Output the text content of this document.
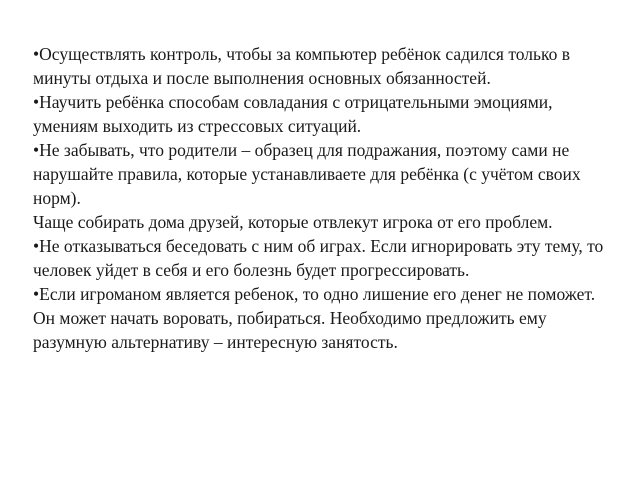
•Осуществлять контроль, чтобы за компьютер ребёнок садился только в минуты отдыха и после выполнения основных обязанностей.

•Научить ребёнка способам совладания с отрицательными эмоциями, умениям выходить из стрессовых ситуаций.

•Не забывать, что родители – образец для подражания, поэтому сами не нарушайте правила, которые устанавливаете для ребёнка (с учётом своих норм).

Чаще собирать дома друзей, которые отвлекут игрока от его проблем.

•Не отказываться беседовать с ним об играх. Если игнорировать эту тему, то человек уйдет в себя и его болезнь будет прогрессировать.

•Если игроманом является ребенок, то одно лишение его денег не поможет. Он может начать воровать, побираться. Необходимо предложить ему разумную альтернативу – интересную занятость.
